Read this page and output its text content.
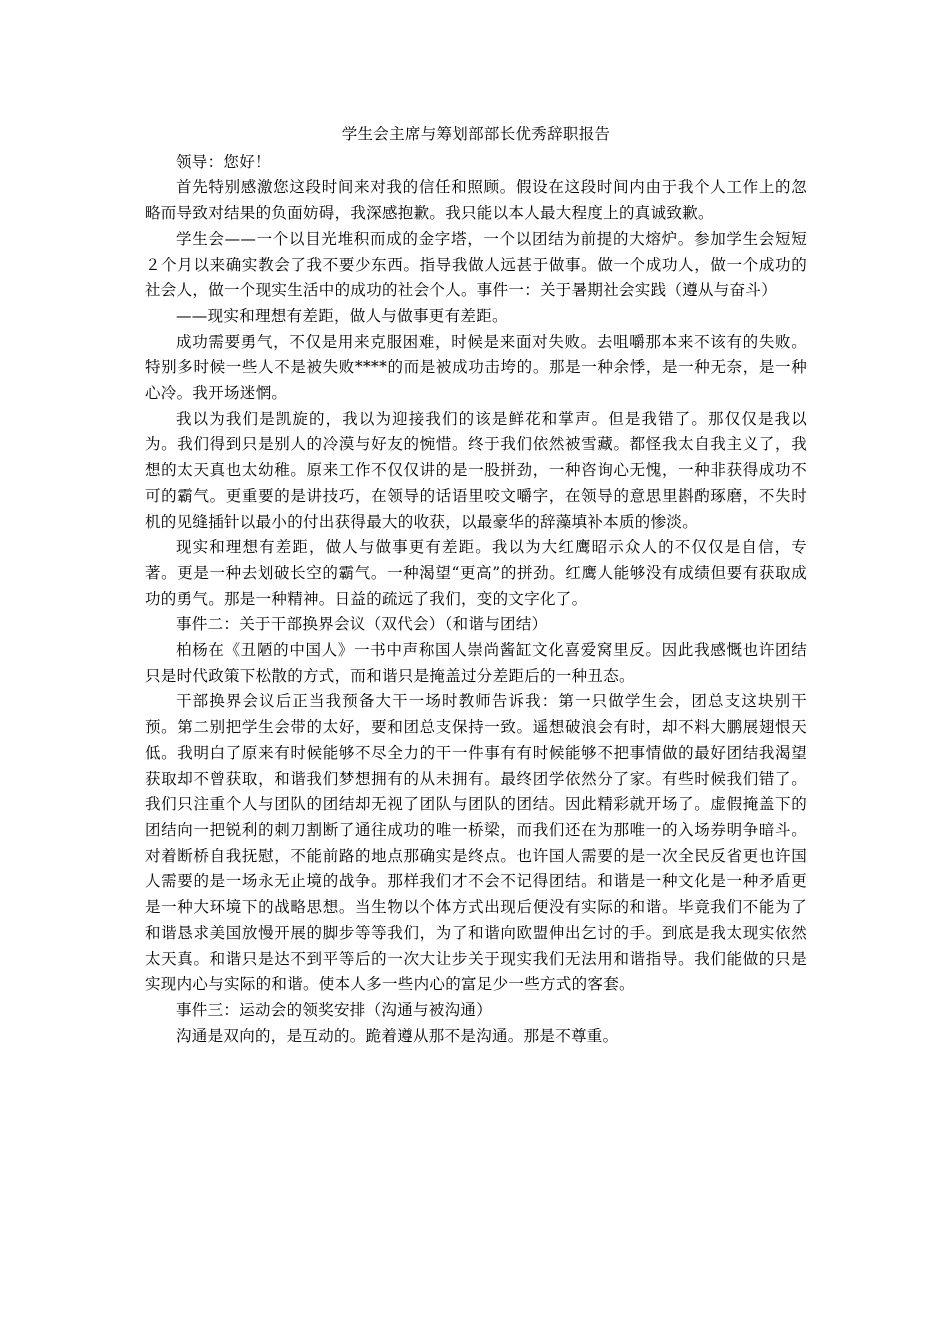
学生会主席与筹划部部长优秀辞职报告

领导：您好！

首先特别感激您这段时间来对我的信任和照顾。假设在这段时间内由于我个人工作上的忽略而导致对结果的负面妨碍，我深感抱歉。我只能以本人最大程度上的真诚致歉。

学生会——一个以目光堆积而成的金字塔，一个以团结为前提的大熔炉。参加学生会短短２个月以来确实教会了我不要少东西。指导我做人远甚于做事。做一个成功人，做一个成功的社会人，做一个现实生活中的成功的社会个人。事件一：关于暑期社会实践（遵从与奋斗）

——现实和理想有差距，做人与做事更有差距。

成功需要勇气，不仅是用来克服困难，时候是来面对失败。去咀嚼那本来不该有的失败。特别多时候一些人不是被失败****的而是被成功击垮的。那是一种余悸，是一种无奈，是一种心冷。我开场迷惘。

我以为我们是凯旋的，我以为迎接我们的该是鲜花和掌声。但是我错了。那仅仅是我以为。我们得到只是别人的冷漠与好友的惋惜。终于我们依然被雪藏。都怪我太自我主义了，我想的太天真也太幼稚。原来工作不仅仅讲的是一股拼劲，一种咨询心无愧，一种非获得成功不可的霸气。更重要的是讲技巧，在领导的话语里咬文嚼字，在领导的意思里斟酌琢磨，不失时机的见缝插针以最小的付出获得最大的收获，以最豪华的辞藻填补本质的惨淡。

现实和理想有差距，做人与做事更有差距。我以为大红鹰昭示众人的不仅仅是自信，专著。更是一种去划破长空的霸气。一种渴望“更高”的拼劲。红鹰人能够没有成绩但要有获取成功的勇气。那是一种精神。日益的疏远了我们，变的文字化了。

事件二：关于干部换界会议（双代会）（和谐与团结）

柏杨在《丑陋的中国人》一书中声称国人崇尚酱缸文化喜爱窝里反。因此我感慨也许团结只是时代政策下松散的方式，而和谐只是掩盖过分差距后的一种丑态。

干部换界会议后正当我预备大干一场时教师告诉我：第一只做学生会，团总支这块别干预。第二别把学生会带的太好，要和团总支保持一致。遥想破浪会有时，却不料大鹏展翅恨天低。我明白了原来有时候能够不尽全力的干一件事有有时候能够不把事情做的最好团结我渴望获取却不曾获取，和谐我们梦想拥有的从未拥有。最终团学依然分了家。有些时候我们错了。我们只注重个人与团队的团结却无视了团队与团队的团结。因此精彩就开场了。虚假掩盖下的团结向一把锐利的刺刀割断了通往成功的唯一桥梁，而我们还在为那唯一的入场券明争暗斗。对着断桥自我抚慰，不能前路的地点那确实是终点。也许国人需要的是一次全民反省更也许国人需要的是一场永无止境的战争。那样我们才不会不记得团结。和谐是一种文化是一种矛盾更是一种大环境下的战略思想。当生物以个体方式出现后便没有实际的和谐。毕竟我们不能为了和谐恳求美国放慢开展的脚步等等我们，为了和谐向欧盟伸出乞讨的手。到底是我太现实依然太天真。和谐只是达不到平等后的一次大让步关于现实我们无法用和谐指导。我们能做的只是实现内心与实际的和谐。使本人多一些内心的富足少一些方式的客套。

事件三：运动会的领奖安排（沟通与被沟通）

沟通是双向的，是互动的。跪着遵从那不是沟通。那是不尊重。
